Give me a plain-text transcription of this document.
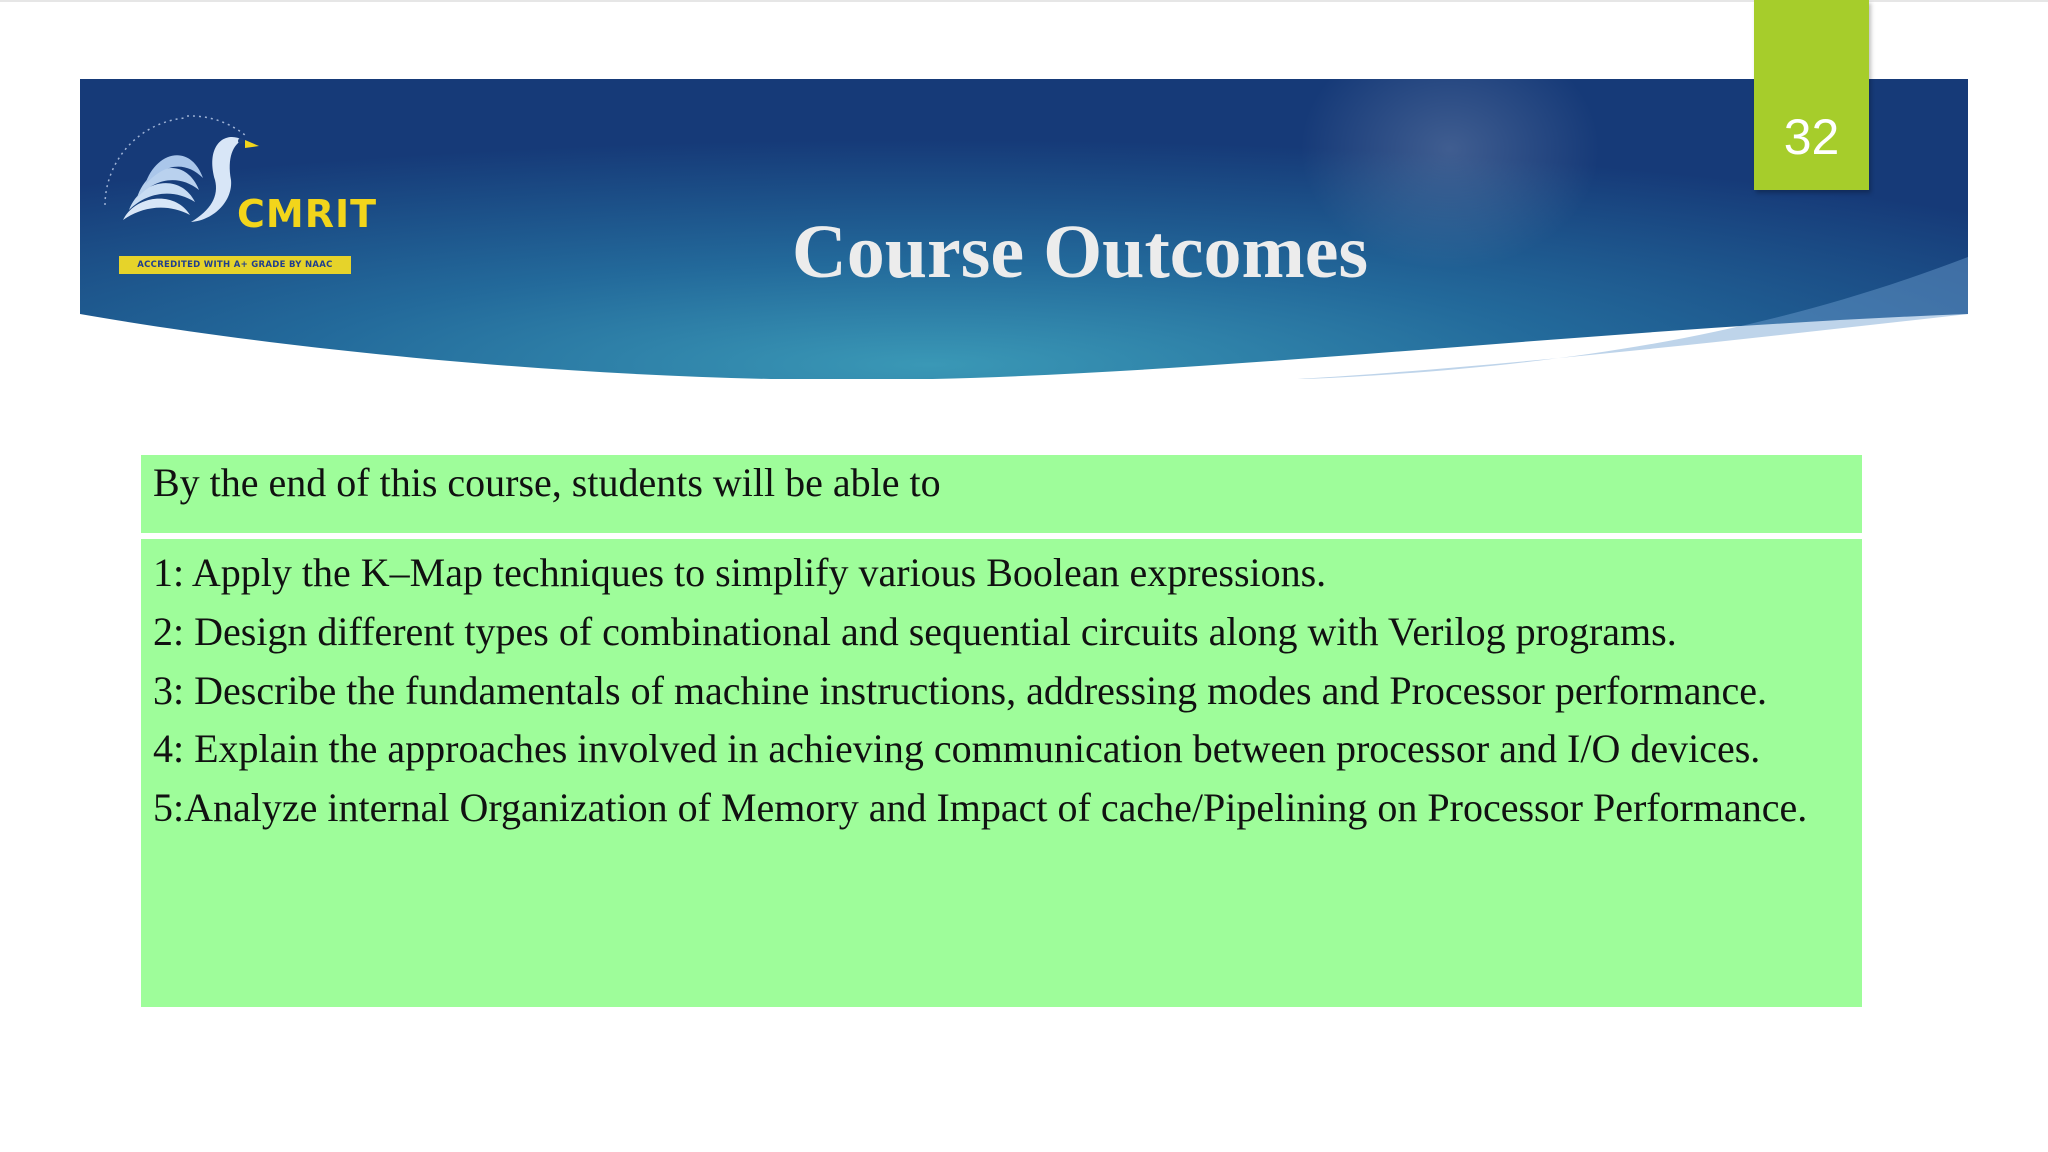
CMRIT
ACCREDITED WITH A+ GRADE BY NAAC
32
Course Outcomes
By the end of this course, students will be able to

1: Apply the K–Map techniques to simplify various Boolean expressions.

2: Design different types of combinational and sequential circuits along with Verilog programs.

3: Describe the fundamentals of machine instructions, addressing modes and Processor performance.

4: Explain the approaches involved in achieving communication between processor and I/O devices.

5:Analyze internal Organization of Memory and Impact of cache/Pipelining on Processor Performance.
